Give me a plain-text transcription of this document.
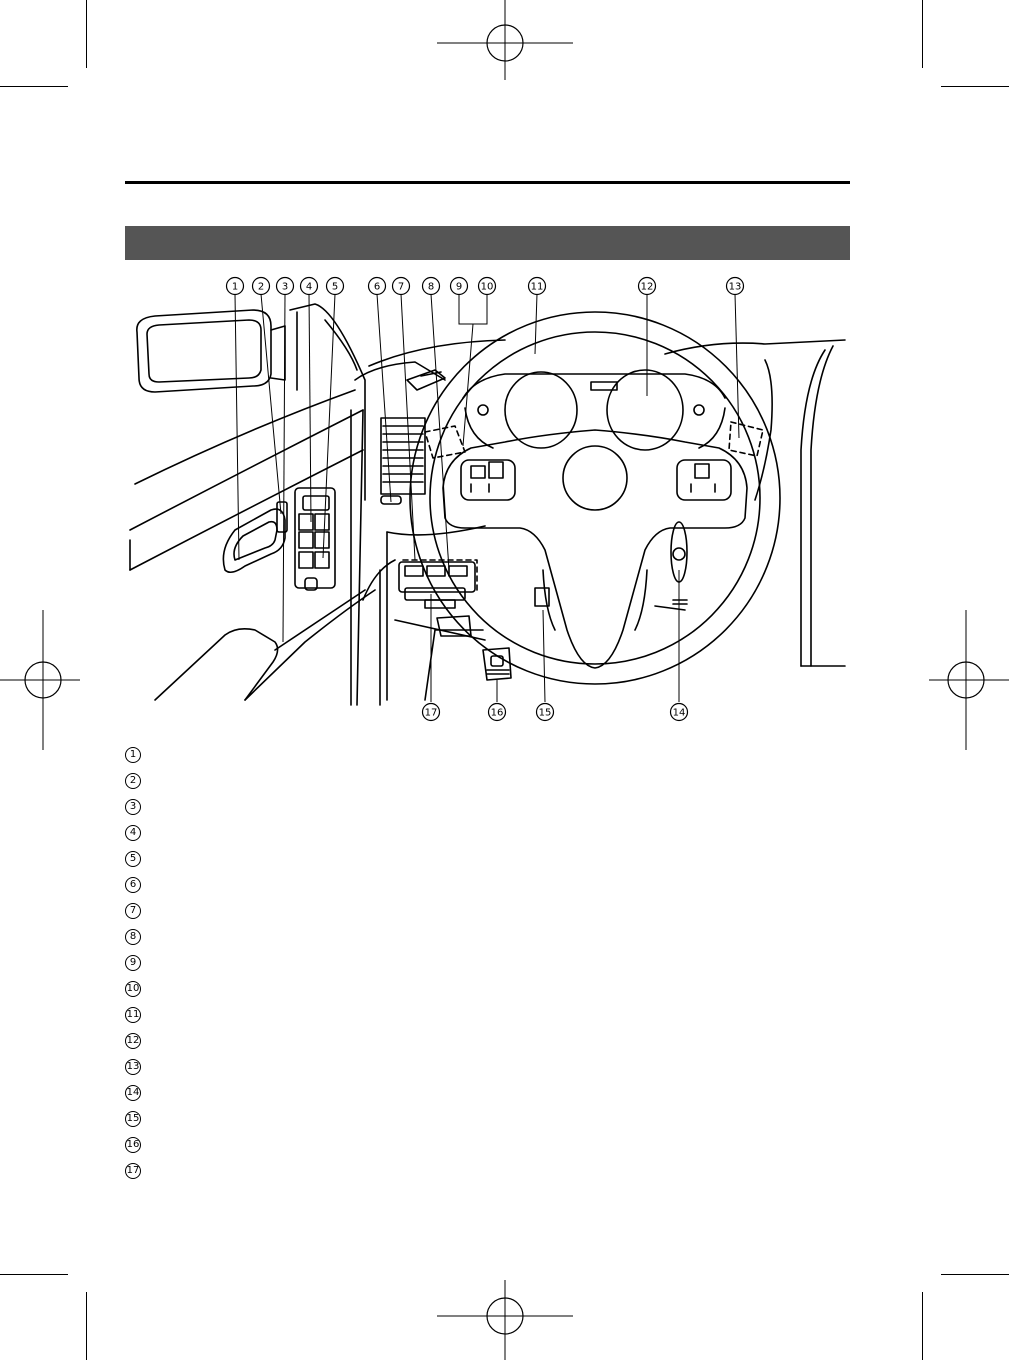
1 2 3 4 5	6 7 8 9 10	11	12	13
14
15
16
17
1
2
3
4
5
6
7
8
9
10
11
12
13
14
15
16
17
